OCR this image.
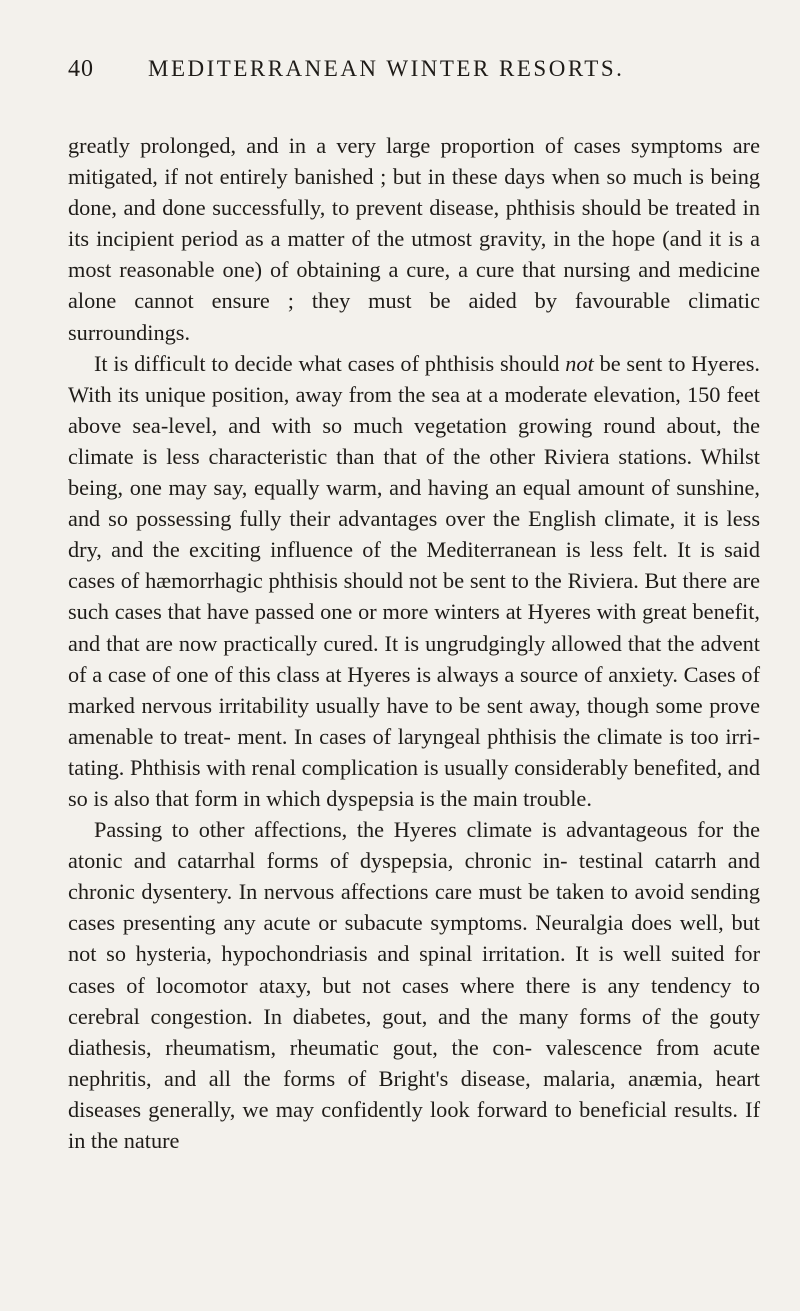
40 MEDITERRANEAN WINTER RESORTS.

greatly prolonged, and in a very large proportion of cases symptoms are mitigated, if not entirely banished ; but in these days when so much is being done, and done successfully, to prevent disease, phthisis should be treated in its incipient period as a matter of the utmost gravity, in the hope (and it is a most reasonable one) of obtaining a cure, a cure that nursing and medicine alone cannot ensure ; they must be aided by favourable climatic surroundings.

It is difficult to decide what cases of phthisis should not be sent to Hyeres. With its unique position, away from the sea at a moderate elevation, 150 feet above sea-level, and with so much vegetation growing round about, the climate is less characteristic than that of the other Riviera stations. Whilst being, one may say, equally warm, and having an equal amount of sunshine, and so possessing fully their advantages over the English climate, it is less dry, and the exciting influence of the Mediterranean is less felt. It is said cases of hæmorrhagic phthisis should not be sent to the Riviera. But there are such cases that have passed one or more winters at Hyeres with great benefit, and that are now practically cured. It is ungrudgingly allowed that the advent of a case of one of this class at Hyeres is always a source of anxiety. Cases of marked nervous irritability usually have to be sent away, though some prove amenable to treat- ment. In cases of laryngeal phthisis the climate is too irri- tating. Phthisis with renal complication is usually considerably benefited, and so is also that form in which dyspepsia is the main trouble.

Passing to other affections, the Hyeres climate is advantageous for the atonic and catarrhal forms of dyspepsia, chronic in- testinal catarrh and chronic dysentery. In nervous affections care must be taken to avoid sending cases presenting any acute or subacute symptoms. Neuralgia does well, but not so hysteria, hypochondriasis and spinal irritation. It is well suited for cases of locomotor ataxy, but not cases where there is any tendency to cerebral congestion. In diabetes, gout, and the many forms of the gouty diathesis, rheumatism, rheumatic gout, the con- valescence from acute nephritis, and all the forms of Bright's disease, malaria, anæmia, heart diseases generally, we may confidently look forward to beneficial results. If in the nature
